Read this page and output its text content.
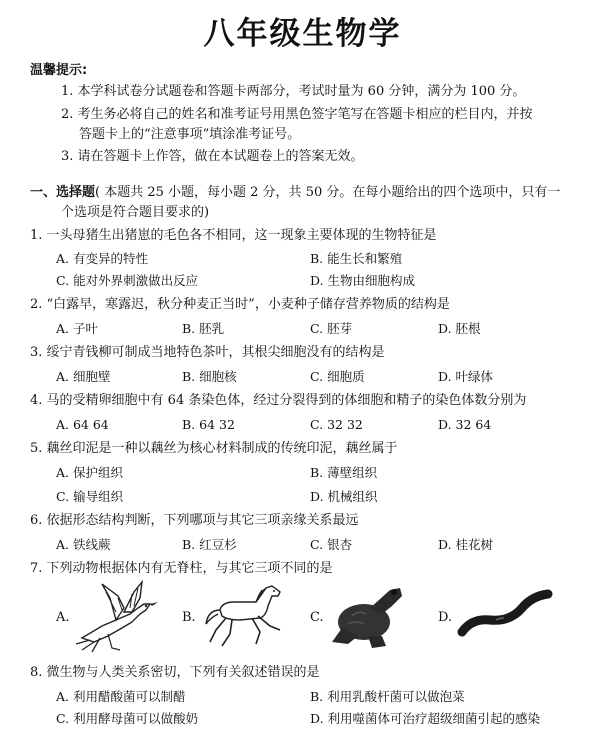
八年级生物学
温馨提示:
1. 本学科试卷分试题卷和答题卡两部分，考试时量为 60 分钟，满分为 100 分。
2. 考生务必将自己的姓名和准考证号用黑色签字笔写在答题卡相应的栏目内，并按
答题卡上的“注意事项”填涂准考证号。
3. 请在答题卡上作答，做在本试题卷上的答案无效。
一、选择题( 本题共 25 小题，每小题 2 分，共 50 分。在每小题给出的四个选项中，只有一
个选项是符合题目要求的)
1. 一头母猪生出猪崽的毛色各不相同，这一现象主要体现的生物特征是
A. 有变异的特性	B. 能生长和繁殖
C. 能对外界刺激做出反应	D. 生物由细胞构成
2. “白露早，寒露迟，秋分种麦正当时”，小麦种子储存营养物质的结构是
A. 子叶	B. 胚乳	C. 胚芽	D. 胚根
3. 绥宁青钱柳可制成当地特色茶叶，其根尖细胞没有的结构是
A. 细胞壁	B. 细胞核	C. 细胞质	D. 叶绿体
4. 马的受精卵细胞中有 64 条染色体，经过分裂得到的体细胞和精子的染色体数分别为
A. 64 64	B. 64 32	C. 32 32	D. 32 64
5. 藕丝印泥是一种以藕丝为核心材料制成的传统印泥，藕丝属于
A. 保护组织	B. 薄壁组织
C. 输导组织	D. 机械组织
6. 依据形态结构判断，下列哪项与其它三项亲缘关系最远
A. 铁线蕨	B. 红豆杉	C. 银杏	D. 桂花树
7. 下列动物根据体内有无脊柱，与其它三项不同的是
A.	B.	C.	D.
8. 微生物与人类关系密切，下列有关叙述错误的是
A. 利用醋酸菌可以制醋	B. 利用乳酸杆菌可以做泡菜
C. 利用酵母菌可以做酸奶	D. 利用噬菌体可治疗超级细菌引起的感染
